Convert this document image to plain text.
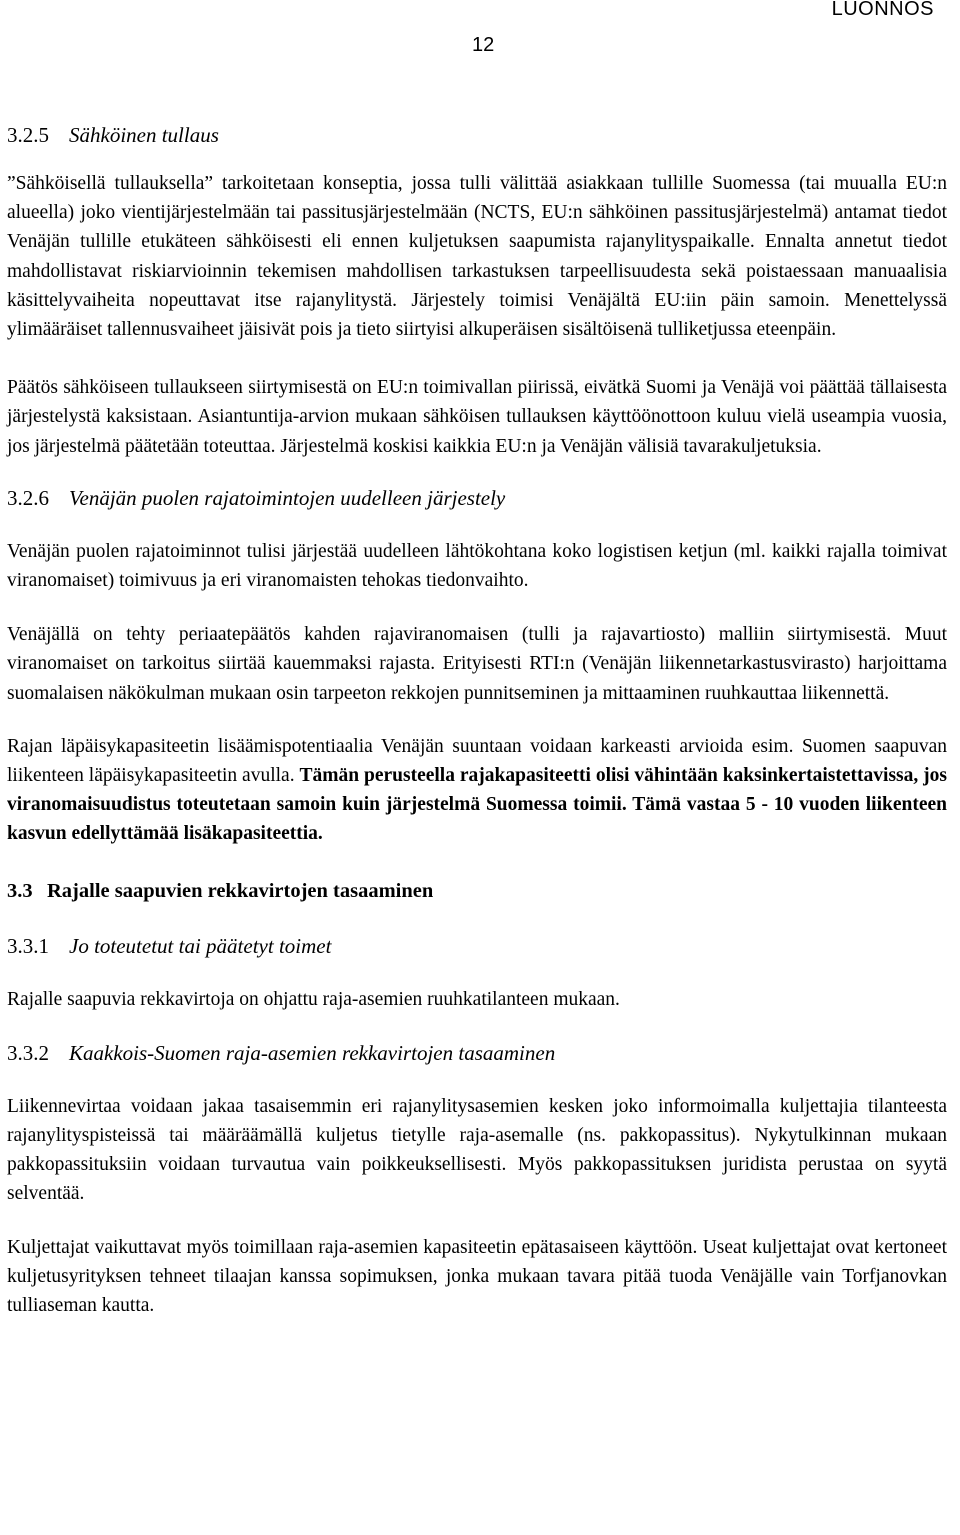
LUONNOS
12
3.2.5 Sähköinen tullaus

”Sähköisellä tullauksella” tarkoitetaan konseptia, jossa tulli välittää asiakkaan tullille Suomessa (tai muualla EU:n alueella) joko vientijärjestelmään tai passitusjärjestelmään (NCTS, EU:n sähköinen passitusjärjestelmä) antamat tiedot Venäjän tullille etukäteen sähköisesti eli ennen kuljetuksen saapumista rajanylityspaikalle. Ennalta annetut tiedot mahdollistavat riskiarvioinnin tekemisen mahdollisen tarkastuksen tarpeellisuudesta sekä poistaessaan manuaalisia käsittelyvaiheita nopeuttavat itse rajanylitystä. Järjestely toimisi Venäjältä EU:iin päin samoin. Menettelyssä ylimääräiset tallennusvaiheet jäisivät pois ja tieto siirtyisi alkuperäisen sisältöisenä tulliketjussa eteenpäin.

Päätös sähköiseen tullaukseen siirtymisestä on EU:n toimivallan piirissä, eivätkä Suomi ja Venäjä voi päättää tällaisesta järjestelystä kaksistaan. Asiantuntija-arvion mukaan sähköisen tullauksen käyttöönottoon kuluu vielä useampia vuosia, jos järjestelmä päätetään toteuttaa. Järjestelmä koskisi kaikkia EU:n ja Venäjän välisiä tavarakuljetuksia.

3.2.6 Venäjän puolen rajatoimintojen uudelleen järjestely

Venäjän puolen rajatoiminnot tulisi järjestää uudelleen lähtökohtana koko logistisen ketjun (ml. kaikki rajalla toimivat viranomaiset) toimivuus ja eri viranomaisten tehokas tiedonvaihto.

Venäjällä on tehty periaatepäätös kahden rajaviranomaisen (tulli ja rajavartiosto) malliin siirtymisestä. Muut viranomaiset on tarkoitus siirtää kauemmaksi rajasta. Erityisesti RTI:n (Venäjän liikennetarkastusvirasto) harjoittama suomalaisen näkökulman mukaan osin tarpeeton rekkojen punnitseminen ja mittaaminen ruuhkauttaa liikennettä.

Rajan läpäisykapasiteetin lisäämispotentiaalia Venäjän suuntaan voidaan karkeasti arvioida esim. Suomen saapuvan liikenteen läpäisykapasiteetin avulla. Tämän perusteella rajakapasiteetti olisi vähintään kaksinkertaistettavissa, jos viranomaisuudistus toteutetaan samoin kuin järjestelmä Suomessa toimii. Tämä vastaa 5 - 10 vuoden liikenteen kasvun edellyttämää lisäkapasiteettia.

3.3 Rajalle saapuvien rekkavirtojen tasaaminen
3.3.1 Jo toteutetut tai päätetyt toimet

Rajalle saapuvia rekkavirtoja on ohjattu raja-asemien ruuhkatilanteen mukaan.

3.3.2 Kaakkois-Suomen raja-asemien rekkavirtojen tasaaminen

Liikennevirtaa voidaan jakaa tasaisemmin eri rajanylitysasemien kesken joko informoimalla kuljettajia tilanteesta rajanylityspisteissä tai määräämällä kuljetus tietylle raja-asemalle (ns. pakkopassitus). Nykytulkinnan mukaan pakkopassituksiin voidaan turvautua vain poikkeuksellisesti. Myös pakkopassituksen juridista perustaa on syytä selventää.

Kuljettajat vaikuttavat myös toimillaan raja-asemien kapasiteetin epätasaiseen käyttöön. Useat kuljettajat ovat kertoneet kuljetusyrityksen tehneet tilaajan kanssa sopimuksen, jonka mukaan tavara pitää tuoda Venäjälle vain Torfjanovkan tulliaseman kautta.
